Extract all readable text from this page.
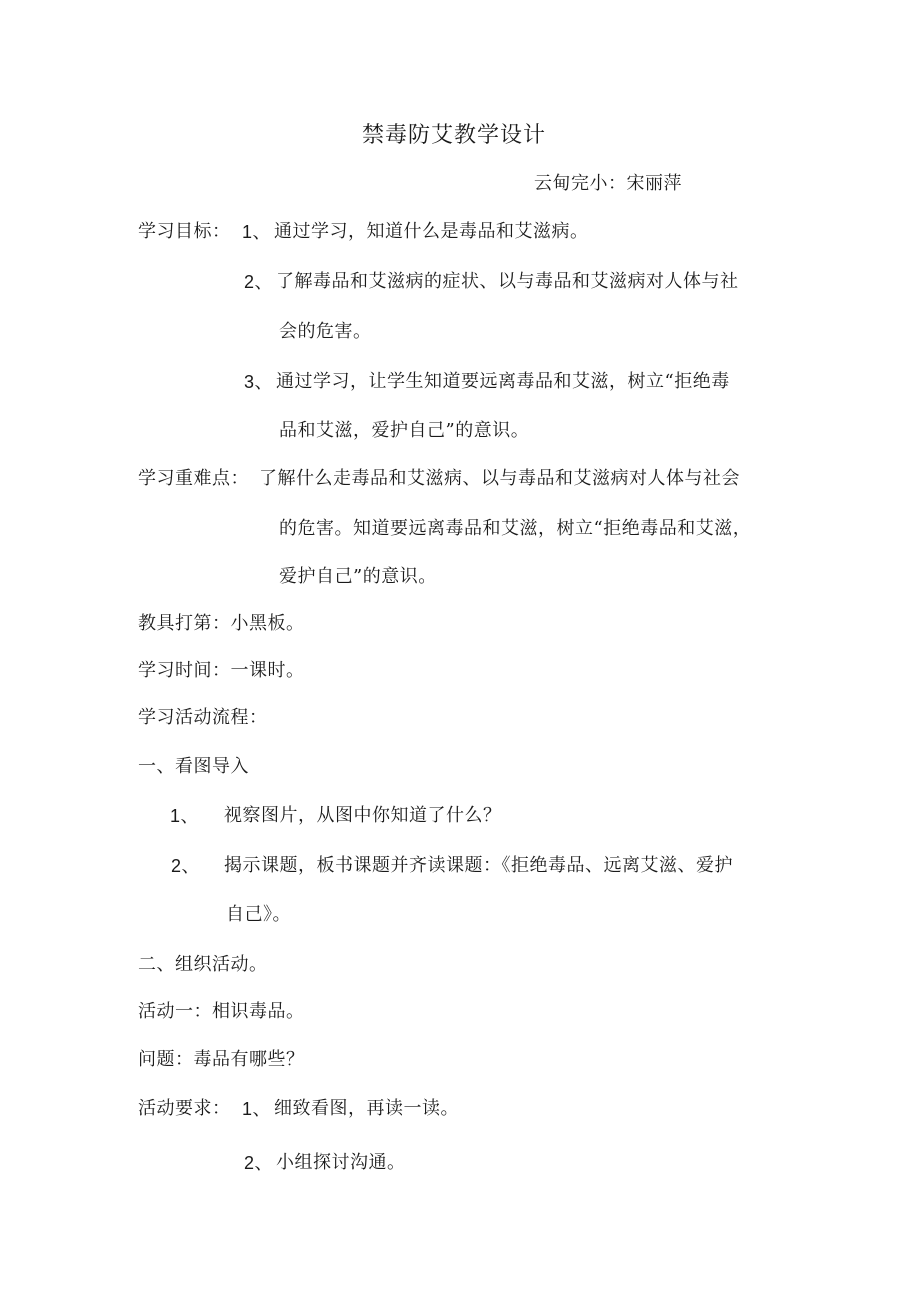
禁毒防艾教学设计
云甸完小：宋丽萍
学习目标： 1、 通过学习，知道什么是毒品和艾滋病。
2、 了解毒品和艾滋病的症状、以与毒品和艾滋病对人体与社
会的危害。
3、 通过学习，让学生知道要远离毒品和艾滋，树立“拒绝毒
品和艾滋，爱护自己”的意识。
学习重难点： 了解什么走毒品和艾滋病、以与毒品和艾滋病对人体与社会
的危害。知道要远离毒品和艾滋，树立“拒绝毒品和艾滋，
爱护自己”的意识。
教具打第：小黑板。
学习时间：一课时。
学习活动流程：
一、看图导入
1、 视察图片，从图中你知道了什么？
2、 揭示课题，板书课题并齐读课题：《拒绝毒品、远离艾滋、爱护
自己》。
二、组织活动。
活动一：相识毒品。
问题：毒品有哪些？
活动要求： 1、 细致看图，再读一读。
2、 小组探讨沟通。
